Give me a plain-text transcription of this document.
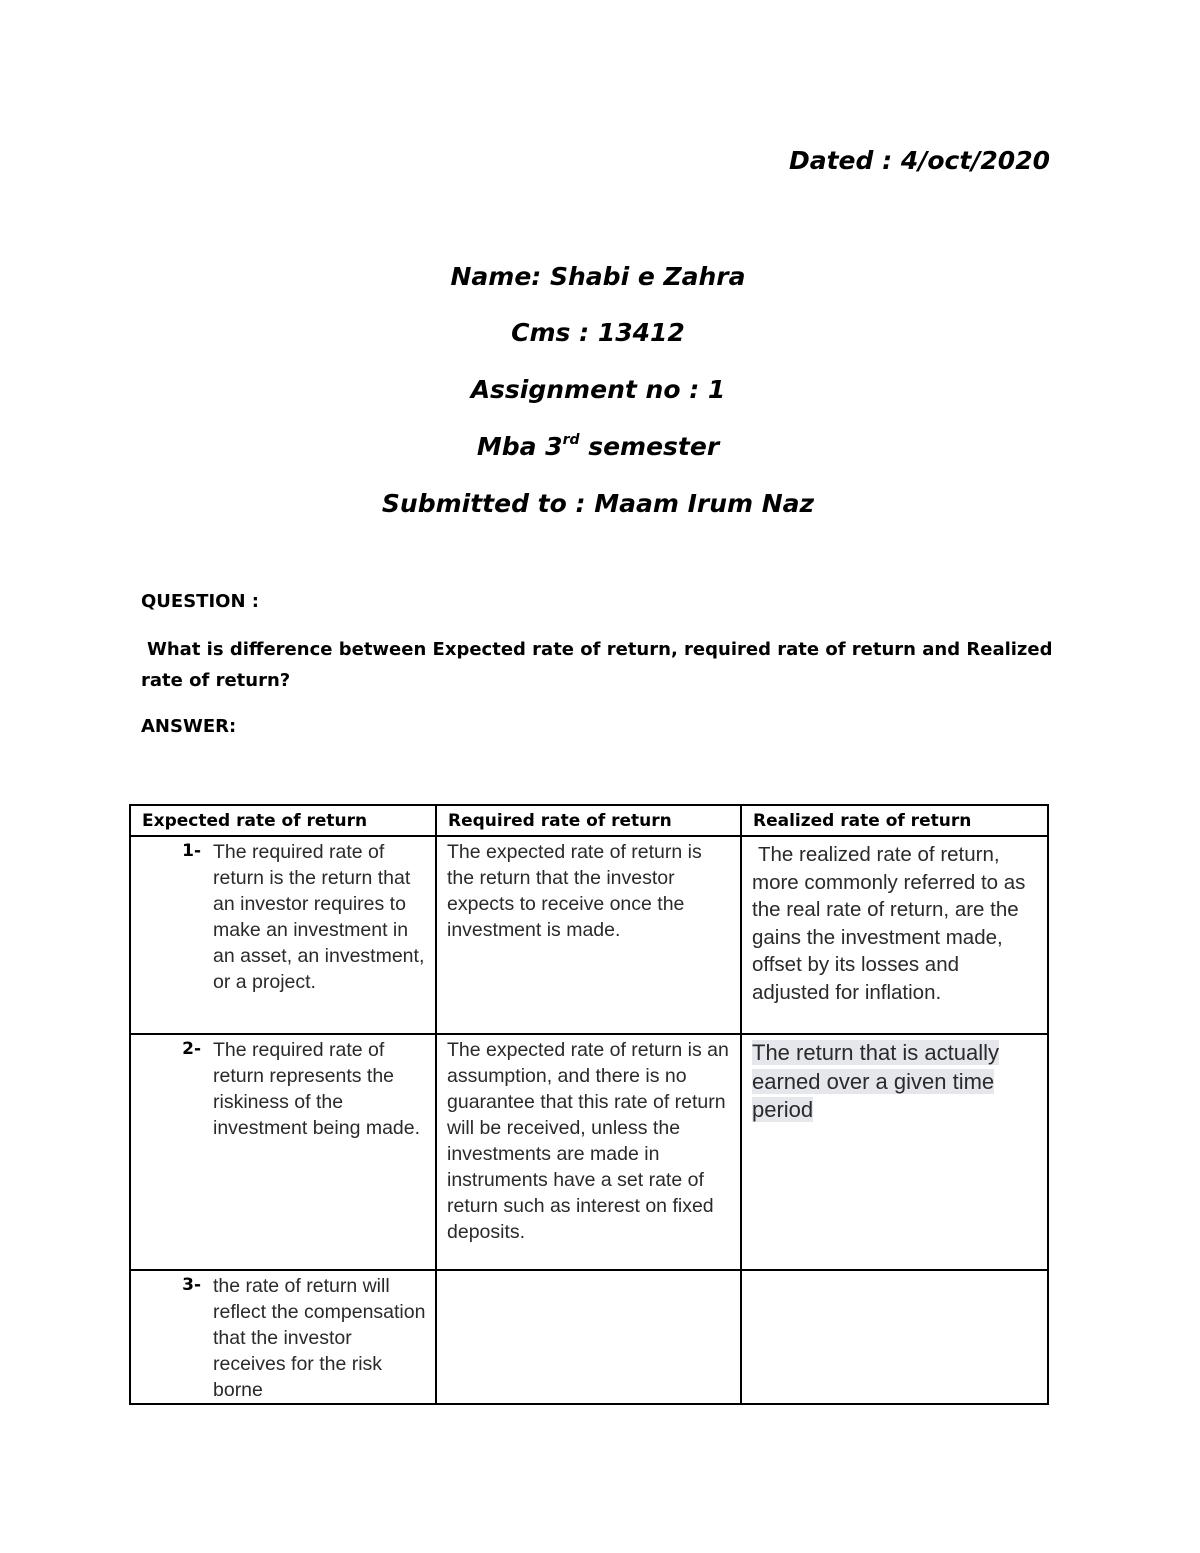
Dated : 4/oct/2020
Name: Shabi e Zahra
Cms : 13412
Assignment no : 1
Mba 3rd semester
Submitted to : Maam Irum Naz
QUESTION :
What is difference between Expected rate of return, required rate of return and Realized rate of return?
ANSWER:
Expected rate of return	Required rate of return	Realized rate of return

1- The required rate of return is the return that an investor requires to make an investment in an asset, an investment, or a project.	The expected rate of return is the return that the investor expects to receive once the investment is made.	The realized rate of return, more commonly referred to as the real rate of return, are the gains the investment made, offset by its losses and adjusted for inflation.

2- The required rate of return represents the riskiness of the investment being made.	The expected rate of return is an assumption, and there is no guarantee that this rate of return will be received, unless the investments are made in instruments have a set rate of return such as interest on fixed deposits.	The return that is actually earned over a given time period

3- the rate of return will reflect the compensation that the investor receives for the risk borne		
